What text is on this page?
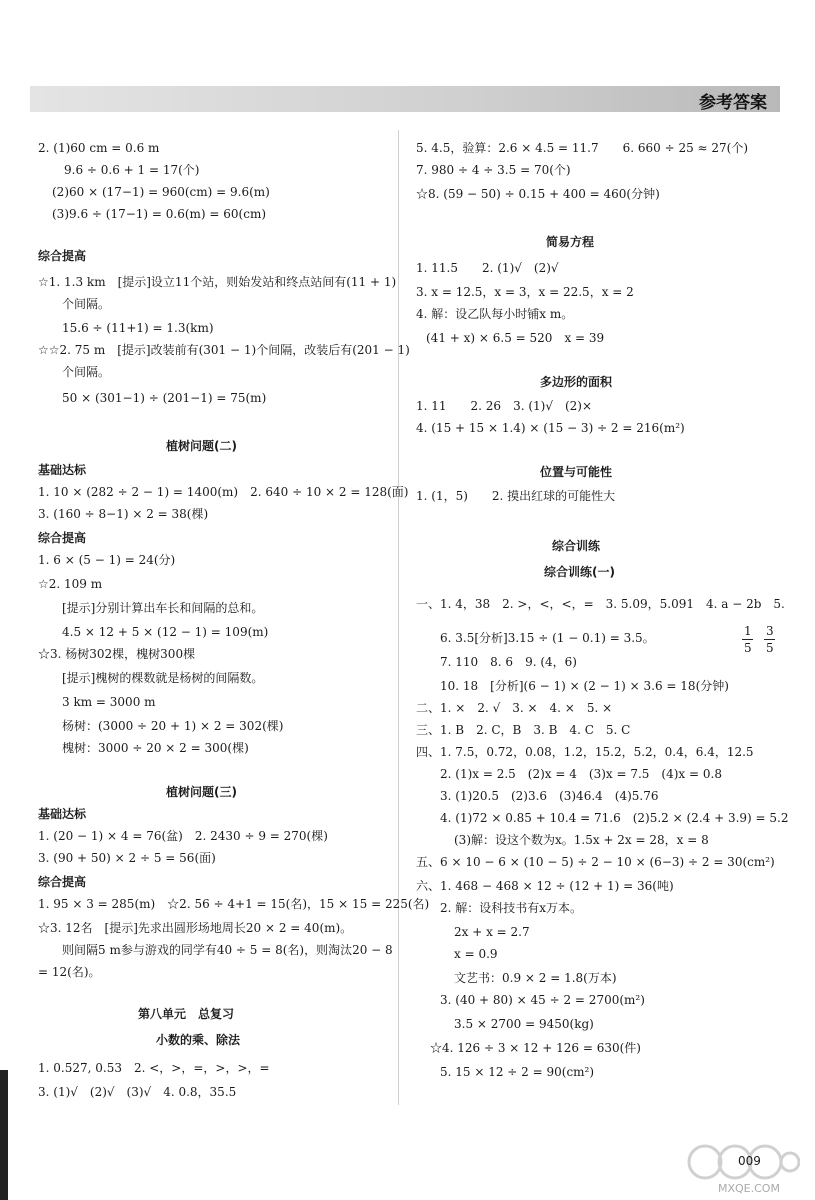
参考答案
2. (1)60 cm = 0.6 m
9.6 ÷ 0.6 + 1 = 17(个)
(2)60 × (17−1) = 960(cm) = 9.6(m)
(3)9.6 ÷ (17−1) = 0.6(m) = 60(cm)
综合提高
☆1. 1.3 km　[提示]设立11个站，则始发站和终点站间有(11 + 1)
个间隔。
15.6 ÷ (11+1) = 1.3(km)
☆☆2. 75 m　[提示]改装前有(301 − 1)个间隔，改装后有(201 − 1)
个间隔。
50 × (301−1) ÷ (201−1) = 75(m)
植树问题(二)
基础达标
1. 10 × (282 ÷ 2 − 1) = 1400(m)　2. 640 ÷ 10 × 2 = 128(面)
3. (160 ÷ 8−1) × 2 = 38(棵)
综合提高
1. 6 × (5 − 1) = 24(分)
☆2. 109 m
[提示]分别计算出车长和间隔的总和。
4.5 × 12 + 5 × (12 − 1) = 109(m)
☆3. 杨树302棵，槐树300棵
[提示]槐树的棵数就是杨树的间隔数。
3 km = 3000 m
杨树：(3000 ÷ 20 + 1) × 2 = 302(棵)
槐树：3000 ÷ 20 × 2 = 300(棵)
植树问题(三)
基础达标
1. (20 − 1) × 4 = 76(盆)　2. 2430 ÷ 9 = 270(棵)
3. (90 + 50) × 2 ÷ 5 = 56(面)
综合提高
1. 95 × 3 = 285(m)　☆2. 56 ÷ 4+1 = 15(名)，15 × 15 = 225(名)
☆3. 12名　[提示]先求出圆形场地周长20 × 2 = 40(m)。
则间隔5 m参与游戏的同学有40 ÷ 5 = 8(名)，则淘汰20 − 8
= 12(名)。
第八单元　总复习
小数的乘、除法
1. 0.527̇, 0.53　2. <，>，=，>，>，=
3. (1)√　(2)√　(3)√　4. 0.8，35.5
5. 4.5，验算：2.6 × 4.5 = 11.7　　6. 660 ÷ 25 ≈ 27(个)
7. 980 ÷ 4 ÷ 3.5 = 70(个)
☆8. (59 − 50) ÷ 0.15 + 400 = 460(分钟)
简易方程
1. 11.5　　2. (1)√　(2)√
3. x = 12.5，x = 3，x = 22.5，x = 2
4. 解：设乙队每小时铺x m。
(41 + x) × 6.5 = 520　x = 39
多边形的面积
1. 11　　2. 26　3. (1)√　(2)×
4. (15 + 15 × 1.4) × (15 − 3) ÷ 2 = 216(m²)
位置与可能性
1. (1，5)　　2. 摸出红球的可能性大
综合训练
综合训练(一)
一、1. 4，38　2. >，<，<，=　3. 5.09，5.091　4. a − 2b　5.
6. 3.5[分析]3.15 ÷ (1 − 0.1) = 3.5。
7. 110　8. 6　9. (4，6)
10. 18　[分析](6 − 1) × (2 − 1) × 3.6 = 18(分钟)
二、1. ×　2. √　3. ×　4. ×　5. ×
三、1. B　2. C，B　3. B　4. C　5. C
四、1. 7.5，0.72，0.08，1.2，15.2，5.2，0.4，6.4，12.5
2. (1)x = 2.5　(2)x = 4　(3)x = 7.5　(4)x = 0.8
3. (1)20.5　(2)3.6　(3)46.4　(4)5.76
4. (1)72 × 0.85 + 10.4 = 71.6　(2)5.2 × (2.4 + 3.9) = 5.2
(3)解：设这个数为x。1.5x + 2x = 28，x = 8
五、6 × 10 − 6 × (10 − 5) ÷ 2 − 10 × (6−3) ÷ 2 = 30(cm²)
六、1. 468 − 468 × 12 ÷ (12 + 1) = 36(吨)
2. 解：设科技书有x万本。
2x + x = 2.7
x = 0.9
文艺书：0.9 × 2 = 1.8(万本)
3. (40 + 80) × 45 ÷ 2 = 2700(m²)
3.5 × 2700 = 9450(kg)
☆4. 126 ÷ 3 × 12 + 126 = 630(件)
5. 15 × 12 ÷ 2 = 90(cm²)
1
5
3
5
009
MXQE.COM
